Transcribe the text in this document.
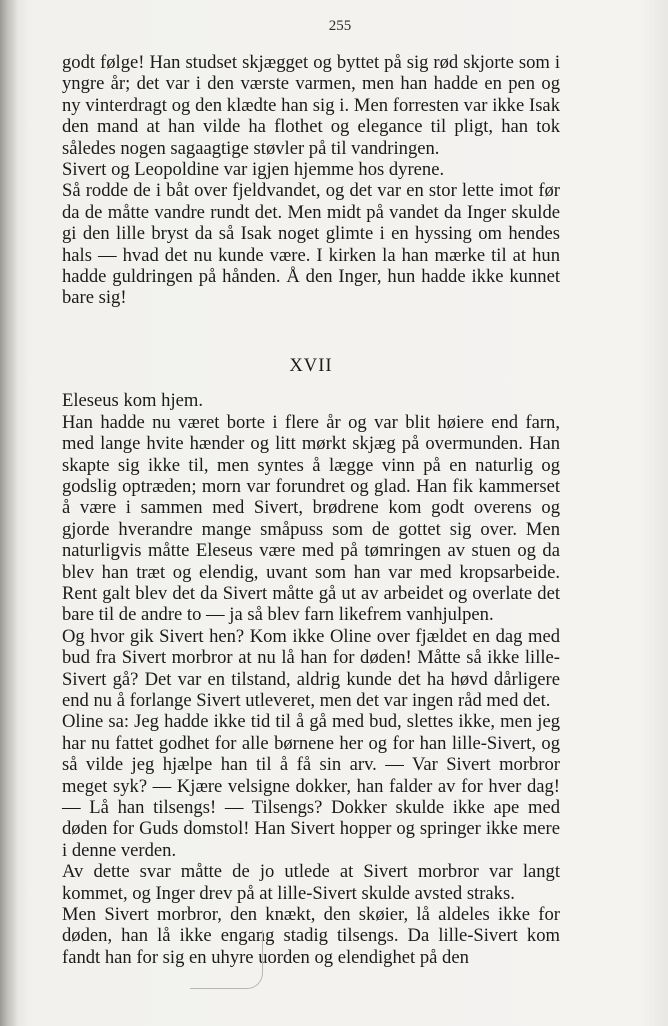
255

godt følge! Han studset skjægget og byttet på sig rød skjorte som i yngre år; det var i den værste varmen, men han hadde en pen og ny vinterdragt og den klædte han sig i. Men forresten var ikke Isak den mand at han vilde ha flothet og elegance til pligt, han tok således nogen sagaagtige støvler på til vandringen.

Sivert og Leopoldine var igjen hjemme hos dyrene.

Så rodde de i båt over fjeldvandet, og det var en stor lette imot før da de måtte vandre rundt det. Men midt på vandet da Inger skulde gi den lille bryst da så Isak noget glimte i en hyssing om hendes hals — hvad det nu kunde være. I kirken la han mærke til at hun hadde guldringen på hånden. Å den Inger, hun hadde ikke kunnet bare sig!

XVII

Eleseus kom hjem.

Han hadde nu været borte i flere år og var blit høiere end farn, med lange hvite hænder og litt mørkt skjæg på overmunden. Han skapte sig ikke til, men syntes å lægge vinn på en naturlig og godslig optræden; morn var forundret og glad. Han fik kammerset å være i sammen med Sivert, brødrene kom godt overens og gjorde hverandre mange småpuss som de gottet sig over. Men naturligvis måtte Eleseus være med på tømringen av stuen og da blev han træt og elendig, uvant som han var med kropsarbeide. Rent galt blev det da Sivert måtte gå ut av arbeidet og overlate det bare til de andre to — ja så blev farn likefrem vanhjulpen.

Og hvor gik Sivert hen? Kom ikke Oline over fjældet en dag med bud fra Sivert morbror at nu lå han for døden! Måtte så ikke lille-Sivert gå? Det var en tilstand, aldrig kunde det ha høvd dårligere end nu å forlange Sivert utleveret, men det var ingen råd med det.

Oline sa: Jeg hadde ikke tid til å gå med bud, slettes ikke, men jeg har nu fattet godhet for alle børnene her og for han lille-Sivert, og så vilde jeg hjælpe han til å få sin arv. — Var Sivert morbror meget syk? — Kjære velsigne dokker, han falder av for hver dag! — Lå han tilsengs! — Tilsengs? Dokker skulde ikke ape med døden for Guds domstol! Han Sivert hopper og springer ikke mere i denne verden.

Av dette svar måtte de jo utlede at Sivert morbror var langt kommet, og Inger drev på at lille-Sivert skulde avsted straks.

Men Sivert morbror, den knækt, den skøier, lå aldeles ikke for døden, han lå ikke engang stadig tilsengs. Da lille-Sivert kom fandt han for sig en uhyre uorden og elendighet på den
